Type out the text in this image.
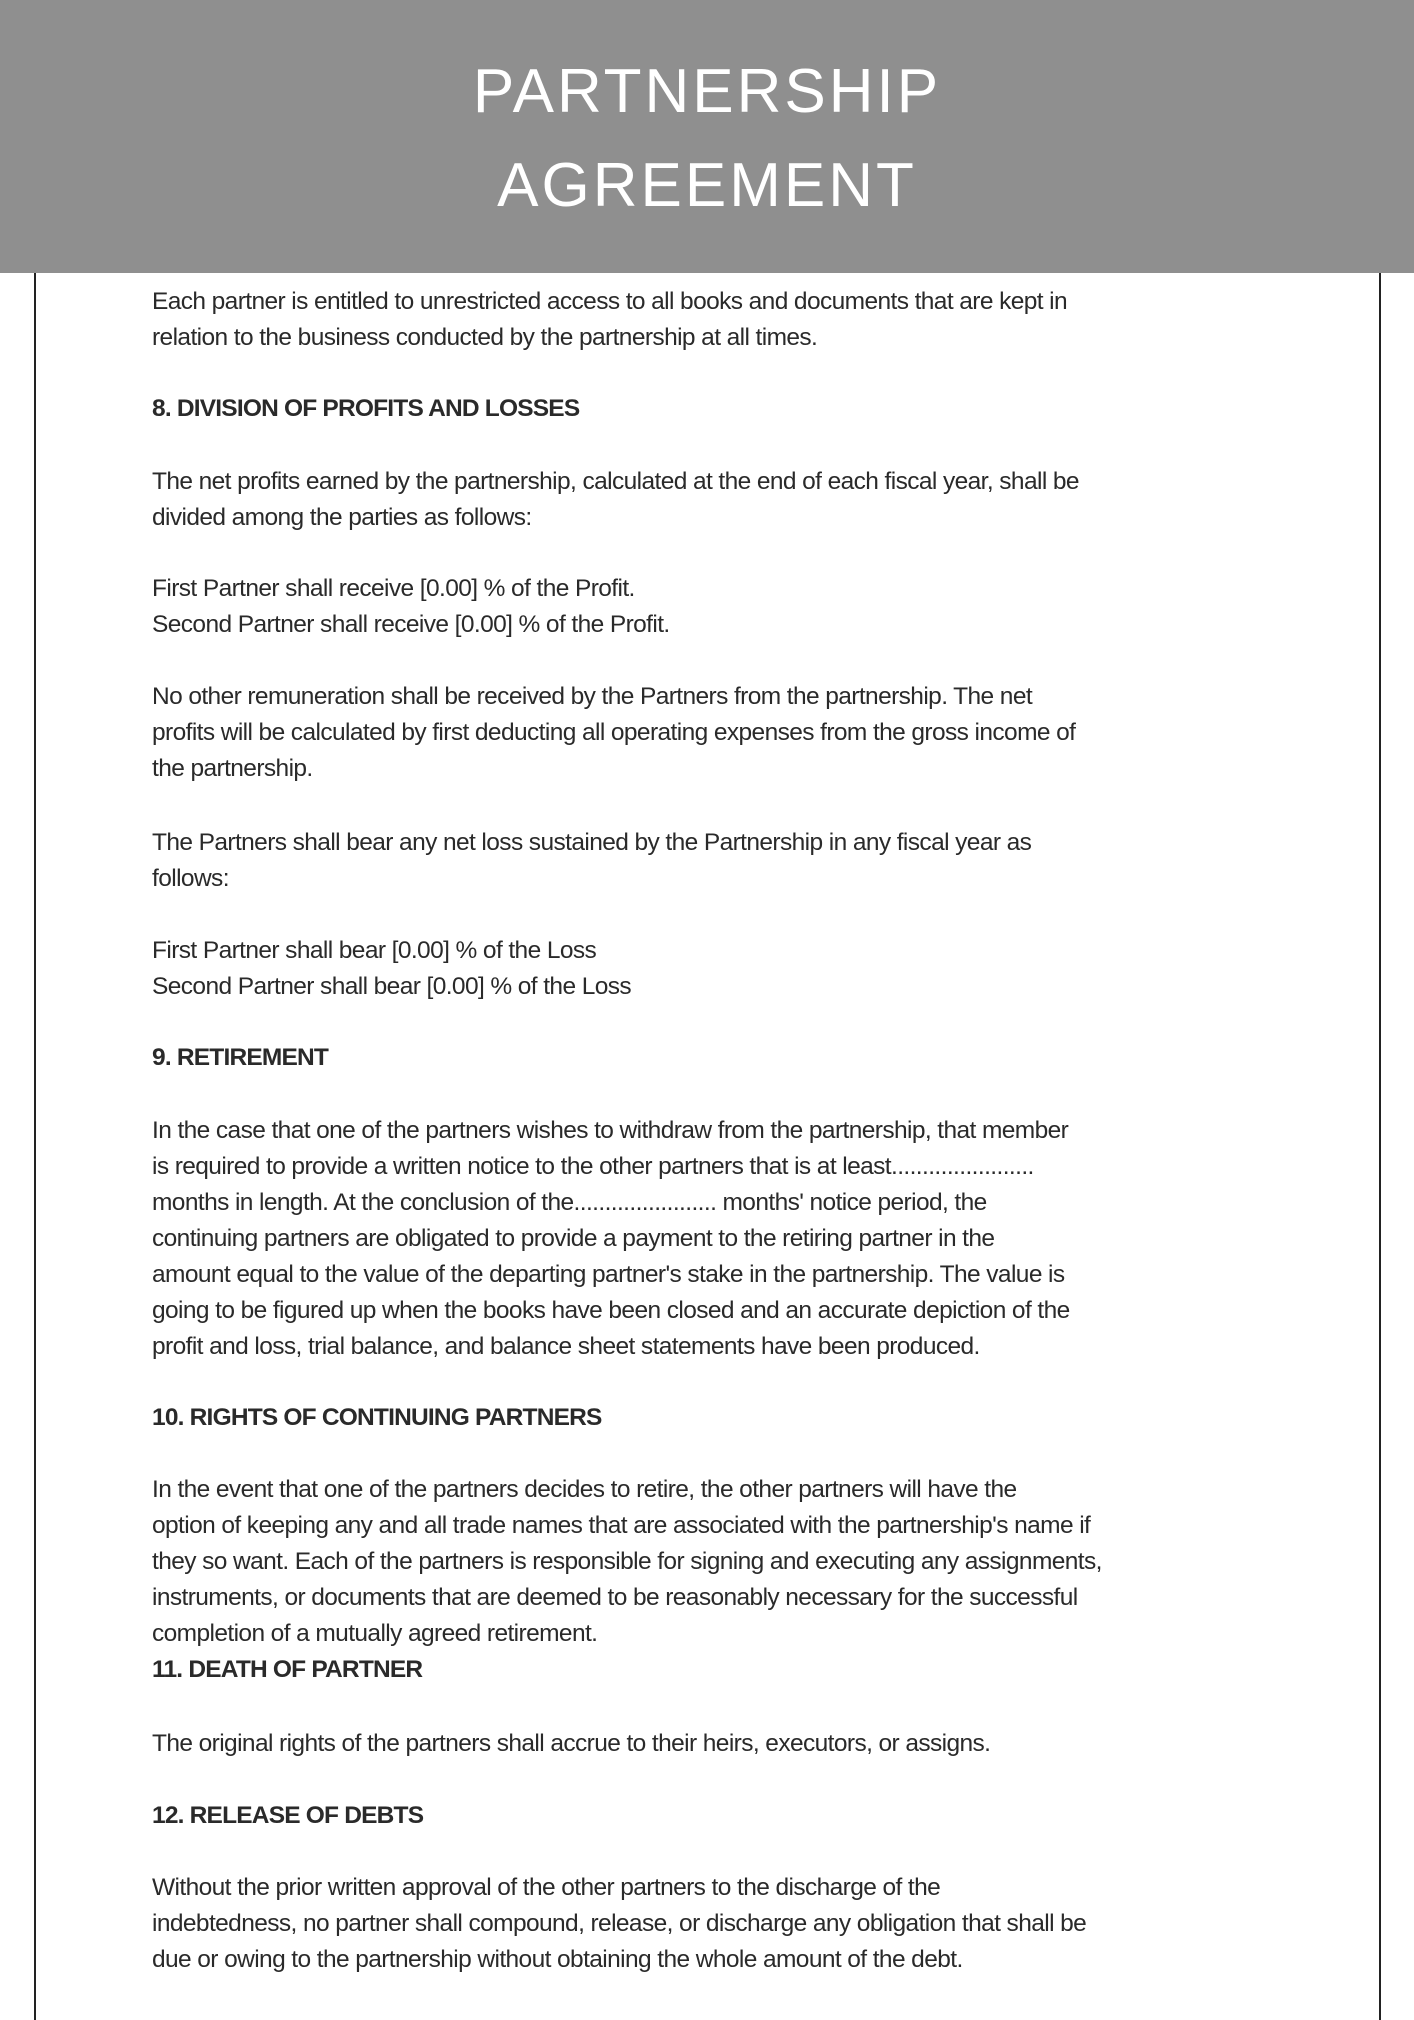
PARTNERSHIP
AGREEMENT
Each partner is entitled to unrestricted access to all books and documents that are kept in
relation to the business conducted by the partnership at all times.
8. DIVISION OF PROFITS AND LOSSES
The net profits earned by the partnership, calculated at the end of each fiscal year, shall be
divided among the parties as follows:
First Partner shall receive [0.00] % of the Profit.
Second Partner shall receive [0.00] % of the Profit.
No other remuneration shall be received by the Partners from the partnership. The net
profits will be calculated by first deducting all operating expenses from the gross income of
the partnership.
The Partners shall bear any net loss sustained by the Partnership in any fiscal year as
follows:
First Partner shall bear [0.00] % of the Loss
Second Partner shall bear [0.00] % of the Loss
9. RETIREMENT
In the case that one of the partners wishes to withdraw from the partnership, that member
is required to provide a written notice to the other partners that is at least.......................
months in length. At the conclusion of the....................... months' notice period, the
continuing partners are obligated to provide a payment to the retiring partner in the
amount equal to the value of the departing partner's stake in the partnership. The value is
going to be figured up when the books have been closed and an accurate depiction of the
profit and loss, trial balance, and balance sheet statements have been produced.
10. RIGHTS OF CONTINUING PARTNERS
In the event that one of the partners decides to retire, the other partners will have the
option of keeping any and all trade names that are associated with the partnership's name if
they so want. Each of the partners is responsible for signing and executing any assignments,
instruments, or documents that are deemed to be reasonably necessary for the successful
completion of a mutually agreed retirement.
11. DEATH OF PARTNER
The original rights of the partners shall accrue to their heirs, executors, or assigns.
12. RELEASE OF DEBTS
Without the prior written approval of the other partners to the discharge of the
indebtedness, no partner shall compound, release, or discharge any obligation that shall be
due or owing to the partnership without obtaining the whole amount of the debt.
